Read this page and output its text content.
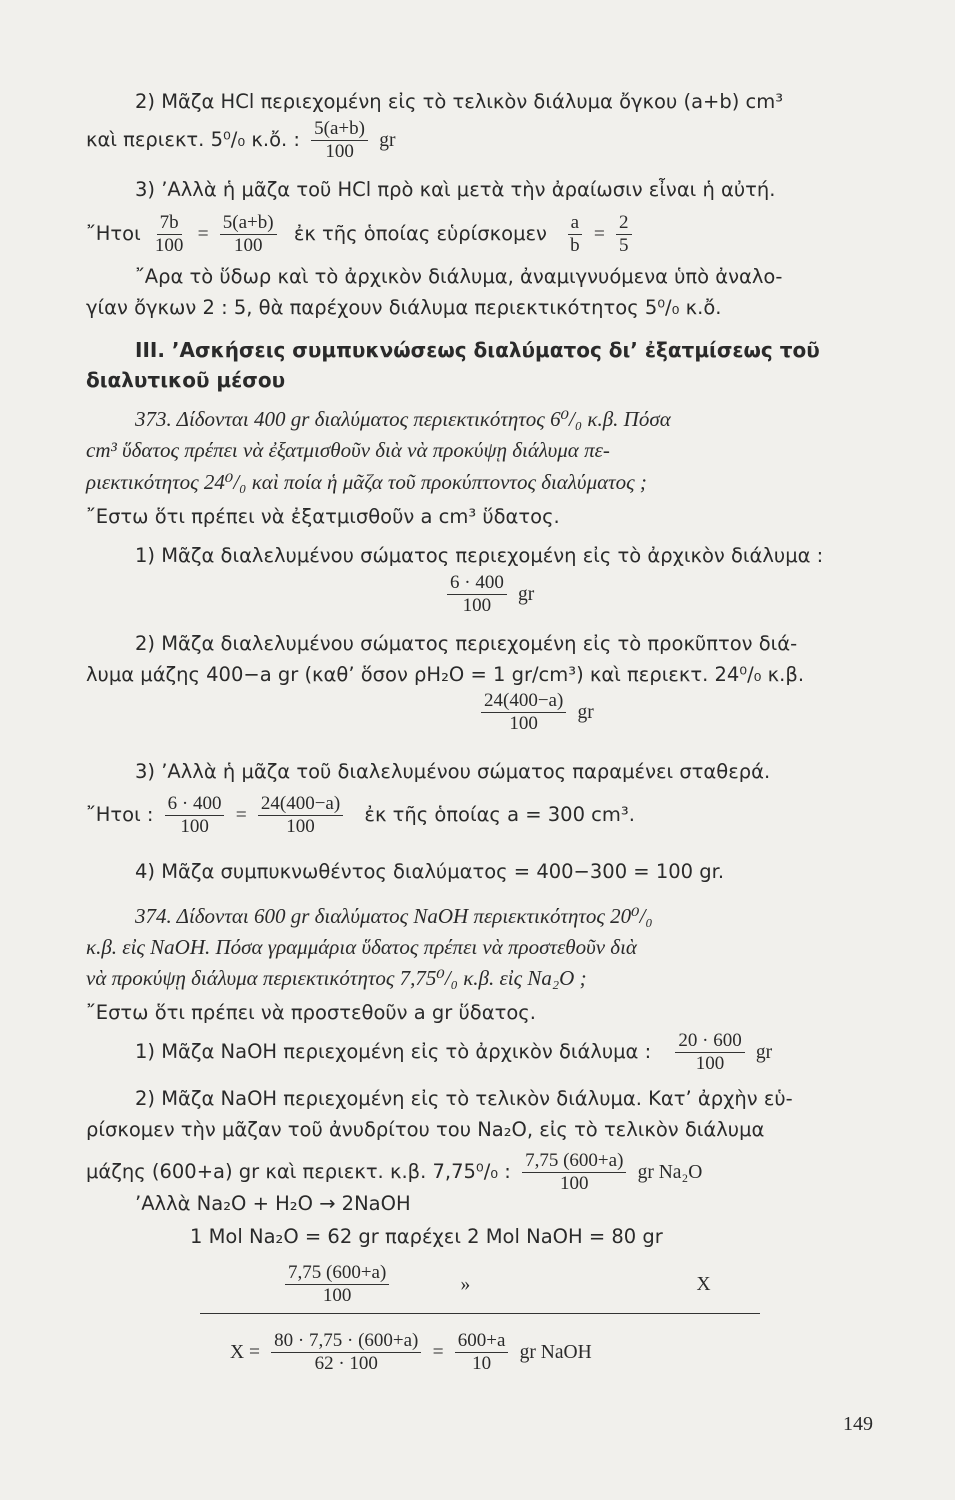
2) Μᾶζα HCl περιεχομένη εἰς τὸ τελικὸν διάλυμα ὄγκου (a+b) cm³
καὶ περιεκτ. 5⁰/₀ κ.ὄ. : $\frac{5(a+b)}{100}$ gr
3) ’Αλλὰ ἡ μᾶζα τοῦ HCl πρὸ καὶ μετὰ τὴν ἀραίωσιν εἶναι ἡ αὐτή.
῎Ητοι $\frac{7b}{100} = \frac{5(a+b)}{100}$ ἐκ τῆς ὁποίας εὑρίσκομεν $\frac{a}{b} = \frac{2}{5}$
῎Αρα τὸ ὕδωρ καὶ τὸ ἀρχικὸν διάλυμα, ἀναμιγνυόμενα ὑπὸ ἀναλο-
γίαν ὄγκων 2 : 5, θὰ παρέχουν διάλυμα περιεκτικότητος 5⁰/₀ κ.ὄ.
III. ’Ασκήσεις συμπυκνώσεως διαλύματος δι’ ἐξατμίσεως τοῦ
διαλυτικοῦ μέσου
373. Δίδονται 400 gr διαλύματος περιεκτικότητος 6⁰/₀ κ.β. Πόσα
cm³ ὕδατος πρέπει νὰ ἐξατμισθοῦν διὰ νὰ προκύψῃ διάλυμα πε-
ριεκτικότητος 24⁰/₀ καὶ ποία ἡ μᾶζα τοῦ προκύπτοντος διαλύματος ;
῎Εστω ὅτι πρέπει νὰ ἐξατμισθοῦν a cm³ ὕδατος.
1) Μᾶζα διαλελυμένου σώματος περιεχομένη εἰς τὸ ἀρχικὸν διάλυμα :
$\frac{6 \cdot 400}{100}$ gr
2) Μᾶζα διαλελυμένου σώματος περιεχομένη εἰς τὸ προκῦπτον διά-
λυμα μάζης 400−a gr (καθ’ ὅσον ρH₂O = 1 gr/cm³) καὶ περιεκτ. 24⁰/₀ κ.β.
$\frac{24(400-a)}{100}$ gr
3) ’Αλλὰ ἡ μᾶζα τοῦ διαλελυμένου σώματος παραμένει σταθερά.
῎Ητοι : $\frac{6 \cdot 400}{100} = \frac{24(400-a)}{100}$ ἐκ τῆς ὁποίας a = 300 cm³.
4) Μᾶζα συμπυκνωθέντος διαλύματος = 400−300 = 100 gr.
374. Δίδονται 600 gr διαλύματος NaOH περιεκτικότητος 20⁰/₀
κ.β. εἰς NaOH. Πόσα γραμμάρια ὕδατος πρέπει νὰ προστεθοῦν διὰ
νὰ προκύψῃ διάλυμα περιεκτικότητος 7,75⁰/₀ κ.β. εἰς Na₂O ;
῎Εστω ὅτι πρέπει νὰ προστεθοῦν a gr ὕδατος.
1) Μᾶζα NaOH περιεχομένη εἰς τὸ ἀρχικὸν διάλυμα : $\frac{20 \cdot 600}{100}$ gr
2) Μᾶζα NaOH περιεχομένη εἰς τὸ τελικὸν διάλυμα. Κατ’ ἀρχὴν εὑ-
ρίσκομεν τὴν μᾶζαν τοῦ ἀνυδρίτου του Na₂O, εἰς τὸ τελικὸν διάλυμα
μάζης (600+a) gr καὶ περιεκτ. κ.β. 7,75⁰/₀ : $\frac{7,75 (600+a)}{100}$ gr Na₂O
’Αλλὰ Na₂O + H₂O → 2NaOH
1 Mol Na₂O = 62 gr παρέχει 2 Mol NaOH = 80 gr
$\frac{7,75 (600+a)}{100}$	»	X
$X = \frac{80 \cdot 7,75 \cdot (600+a)}{62 \cdot 100} = \frac{600+a}{10}$ gr NaOH
149
